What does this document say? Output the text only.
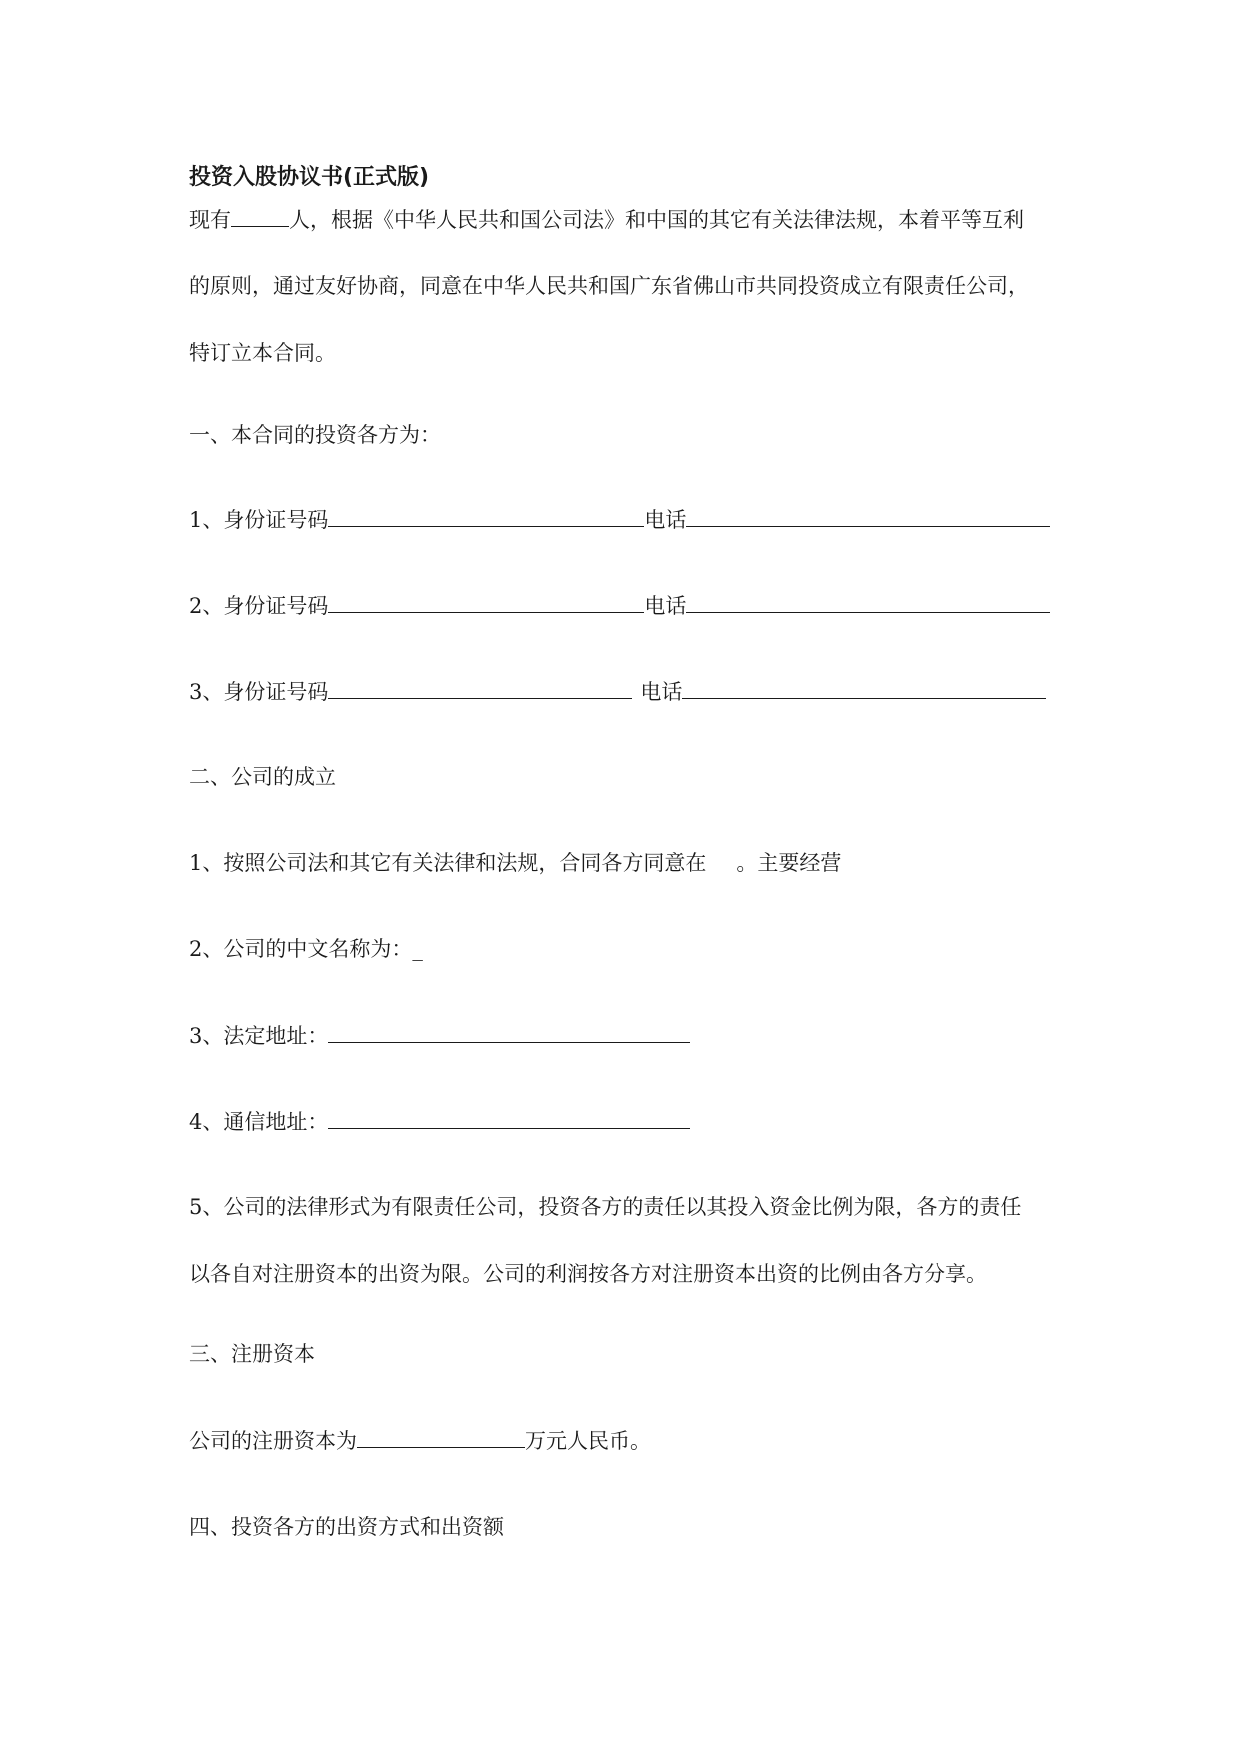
投资入股协议书(正式版)
现有	人，根据《中华人民共和国公司法》和中国的其它有关法律法规，本着平等互利
的原则，通过友好协商，同意在中华人民共和国广东省佛山市共同投资成立有限责任公司，
特订立本合同。
一、本合同的投资各方为：
1、身份证号码	电话
2、身份证号码	电话
3、身份证号码	电话
二、公司的成立
1、按照公司法和其它有关法律和法规，合同各方同意在 。主要经营
2、公司的中文名称为：_
3、法定地址：
4、通信地址：
5、公司的法律形式为有限责任公司，投资各方的责任以其投入资金比例为限，各方的责任
以各自对注册资本的出资为限。公司的利润按各方对注册资本出资的比例由各方分享。
三、注册资本
公司的注册资本为	万元人民币。
四、投资各方的出资方式和出资额
